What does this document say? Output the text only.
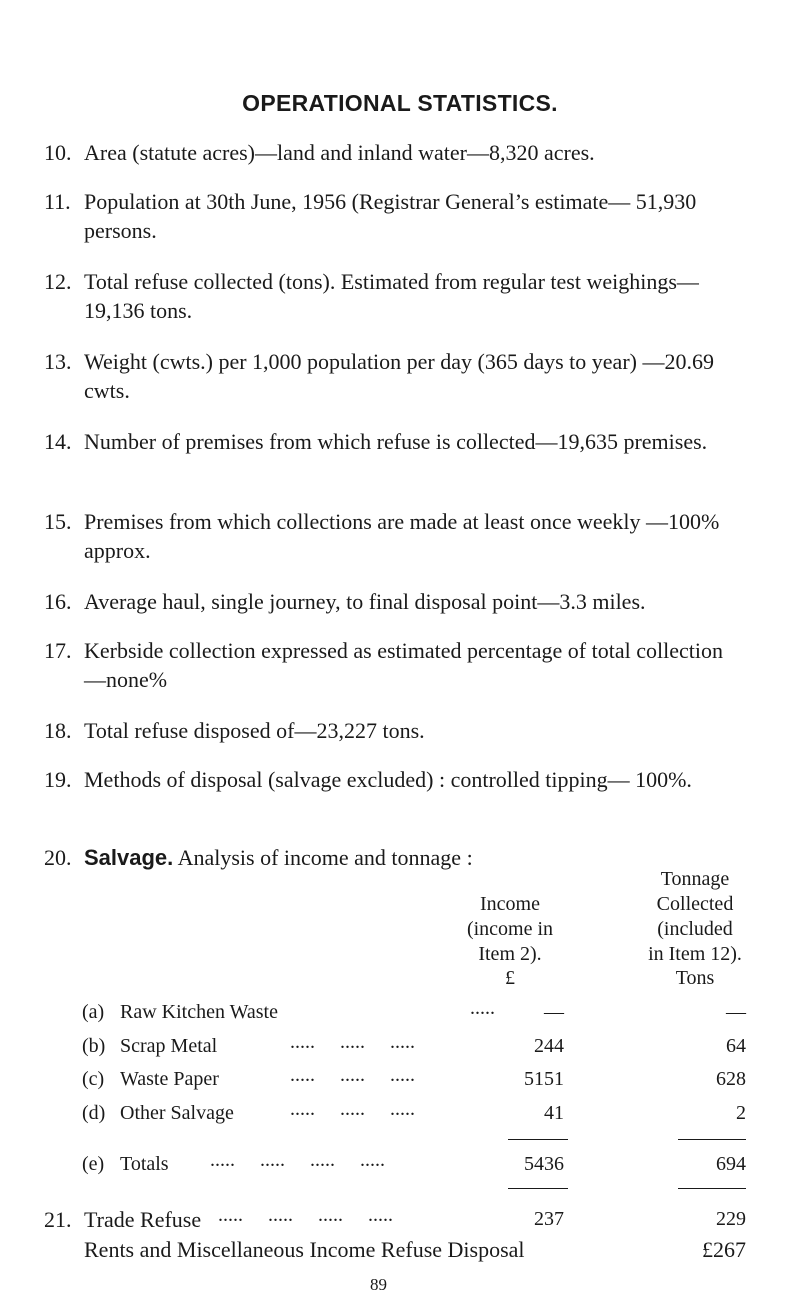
OPERATIONAL STATISTICS.
10. Area (statute acres)—land and inland water—8,320 acres.
11. Population at 30th June, 1956 (Registrar General’s estimate— 51,930 persons.
12. Total refuse collected (tons). Estimated from regular test weighings—19,136 tons.
13. Weight (cwts.) per 1,000 population per day (365 days to year) —20.69 cwts.
14. Number of premises from which refuse is collected—19,635 premises.
15. Premises from which collections are made at least once weekly —100% approx.
16. Average haul, single journey, to final disposal point—3.3 miles.
17. Kerbside collection expressed as estimated percentage of total collection—none%
18. Total refuse disposed of—23,227 tons.
19. Methods of disposal (salvage excluded) : controlled tipping— 100%.
20. Salvage. Analysis of income and tonnage :
Income
(income in
Item 2).
Tonnage
Collected
(included
in Item 12).
£	Tons
(a) Raw Kitchen Waste	.....	—	—
(b) Scrap Metal	.....     .....     .....	244	64
(c) Waste Paper	.....     .....     .....	5151	628
(d) Other Salvage	.....     .....     .....	41	2
(e) Totals .....     .....     .....     .....	5436	694
21. Trade Refuse .....     .....     .....     .....	237	229
Rents and Miscellaneous Income Refuse Disposal	£267
89
